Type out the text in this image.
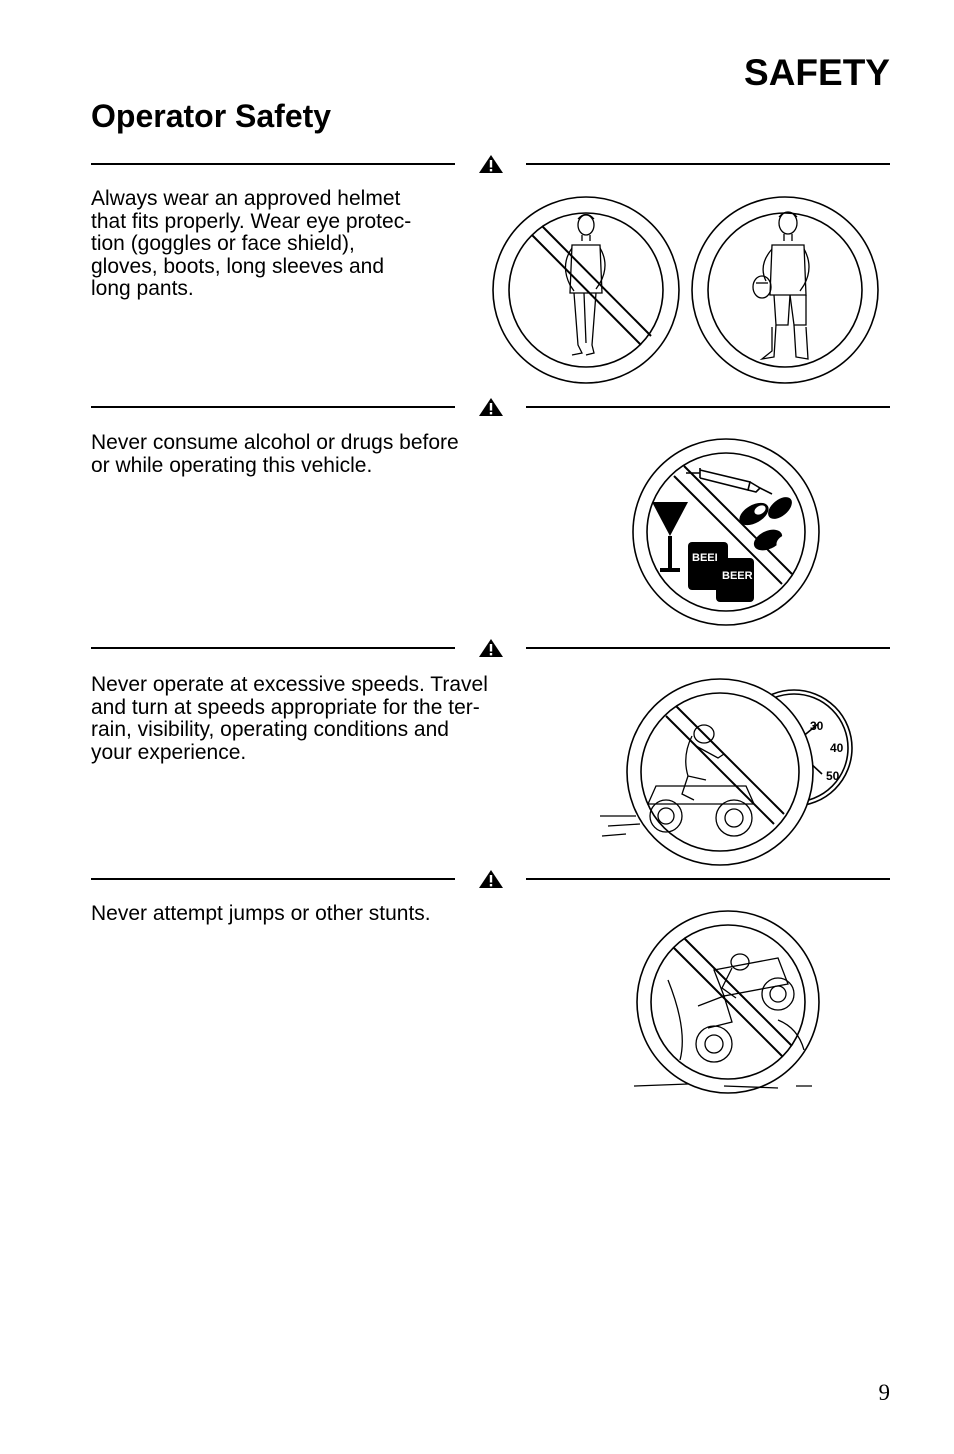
SAFETY
Operator Safety

Always wear an approved helmet
that fits properly. Wear eye protec-
tion (goggles or face shield),
gloves, boots, long sleeves and
long pants.

Never consume alcohol or drugs before
or while operating this vehicle.

BEEI
BEER

Never operate at excessive speeds. Travel
and turn at speeds appropriate for the ter-
rain, visibility, operating conditions and
your experience.

30
40
50

Never attempt jumps or other stunts.

9
